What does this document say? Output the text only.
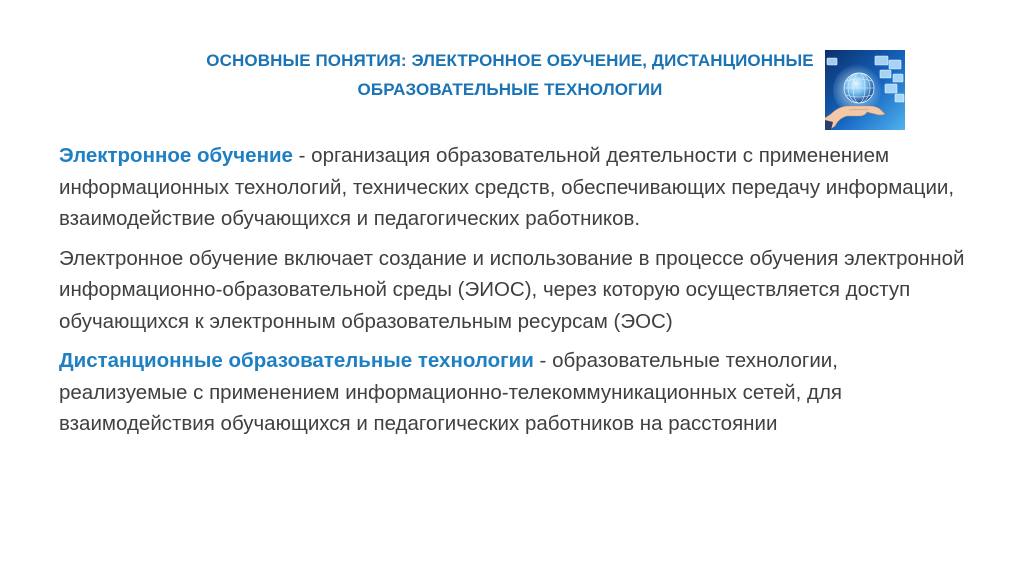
ОСНОВНЫЕ ПОНЯТИЯ: ЭЛЕКТРОННОЕ ОБУЧЕНИЕ, ДИСТАНЦИОННЫЕ
ОБРАЗОВАТЕЛЬНЫЕ ТЕХНОЛОГИИ

Электронное обучение - организация образовательной деятельности с применением информационных технологий, технических средств, обеспечивающих передачу информации, взаимодействие обучающихся и педагогических работников.

Электронное обучение включает создание и использование в процессе обучения электронной информационно-образовательной среды (ЭИОС), через которую осуществляется доступ обучающихся к электронным образовательным ресурсам (ЭОС)

Дистанционные образовательные технологии - образовательные технологии, реализуемые с применением информационно-телекоммуникационных сетей, для взаимодействия обучающихся и педагогических работников на расстоянии
